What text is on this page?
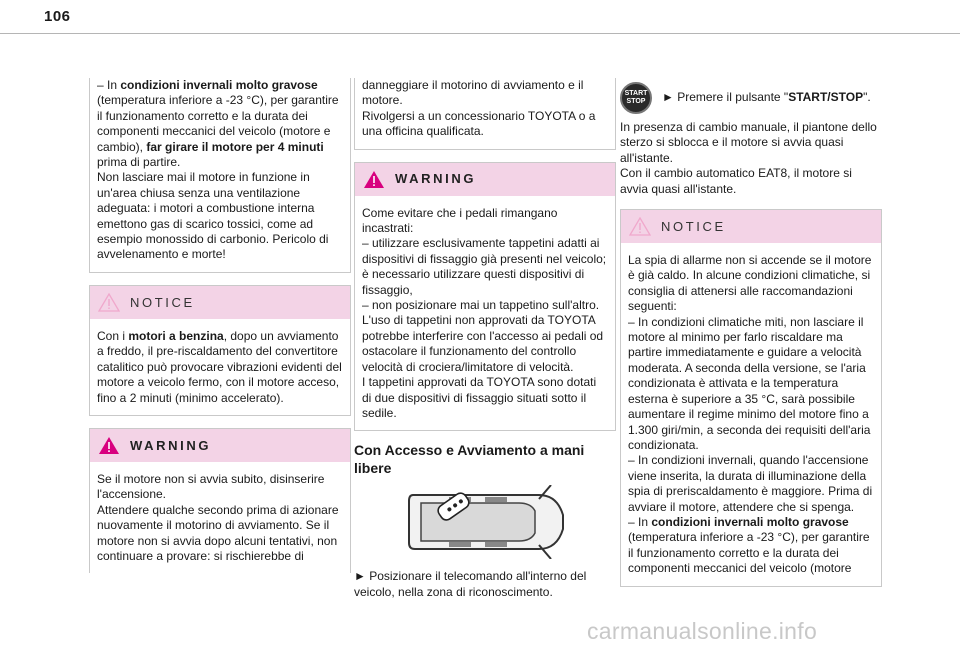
106
– In condizioni invernali molto gravose (temperatura inferiore a -23 °C), per garantire il funzionamento corretto e la durata dei componenti meccanici del veicolo (motore e cambio), far girare il motore per 4 minuti prima di partire.
Non lasciare mai il motore in funzione in un'area chiusa senza una ventilazione adeguata: i motori a combustione interna emettono gas di scarico tossici, come ad esempio monossido di carbonio. Pericolo di avvelenamento e morte!
NOTICE
Con i motori a benzina, dopo un avviamento a freddo, il pre-riscaldamento del convertitore catalitico può provocare vibrazioni evidenti del motore a veicolo fermo, con il motore acceso, fino a 2 minuti (minimo accelerato).
WARNING
Se il motore non si avvia subito, disinserire l'accensione.
Attendere qualche secondo prima di azionare nuovamente il motorino di avviamento. Se il motore non si avvia dopo alcuni tentativi, non continuare a provare: si rischierebbe di
danneggiare il motorino di avviamento e il motore.
Rivolgersi a un concessionario TOYOTA o a una officina qualificata.
WARNING
Come evitare che i pedali rimangano incastrati:
– utilizzare esclusivamente tappetini adatti ai dispositivi di fissaggio già presenti nel veicolo; è necessario utilizzare questi dispositivi di fissaggio,
– non posizionare mai un tappetino sull'altro.
L'uso di tappetini non approvati da TOYOTA potrebbe interferire con l'accesso ai pedali od ostacolare il funzionamento del controllo velocità di crociera/limitatore di velocità.
I tappetini approvati da TOYOTA sono dotati di due dispositivi di fissaggio situati sotto il sedile.
Con Accesso e Avviamento a mani libere
► Posizionare il telecomando all'interno del veicolo, nella zona di riconoscimento.
START
STOP ► Premere il pulsante "START/STOP".
In presenza di cambio manuale, il piantone dello sterzo si sblocca e il motore si avvia quasi all'istante.
Con il cambio automatico EAT8, il motore si avvia quasi all'istante.
NOTICE
La spia di allarme non si accende se il motore è già caldo. In alcune condizioni climatiche, si consiglia di attenersi alle raccomandazioni seguenti:
– In condizioni climatiche miti, non lasciare il motore al minimo per farlo riscaldare ma partire immediatamente e guidare a velocità moderata. A seconda della versione, se l'aria condizionata è attivata e la temperatura esterna è superiore a 35 °C, sarà possibile aumentare il regime minimo del motore fino a 1.300 giri/min, a seconda dei requisiti dell'aria condizionata.
– In condizioni invernali, quando l'accensione viene inserita, la durata di illuminazione della spia di preriscaldamento è maggiore. Prima di avviare il motore, attendere che si spenga.
– In condizioni invernali molto gravose (temperatura inferiore a -23 °C), per garantire il funzionamento corretto e la durata dei componenti meccanici del veicolo (motore
carmanualsonline.info
